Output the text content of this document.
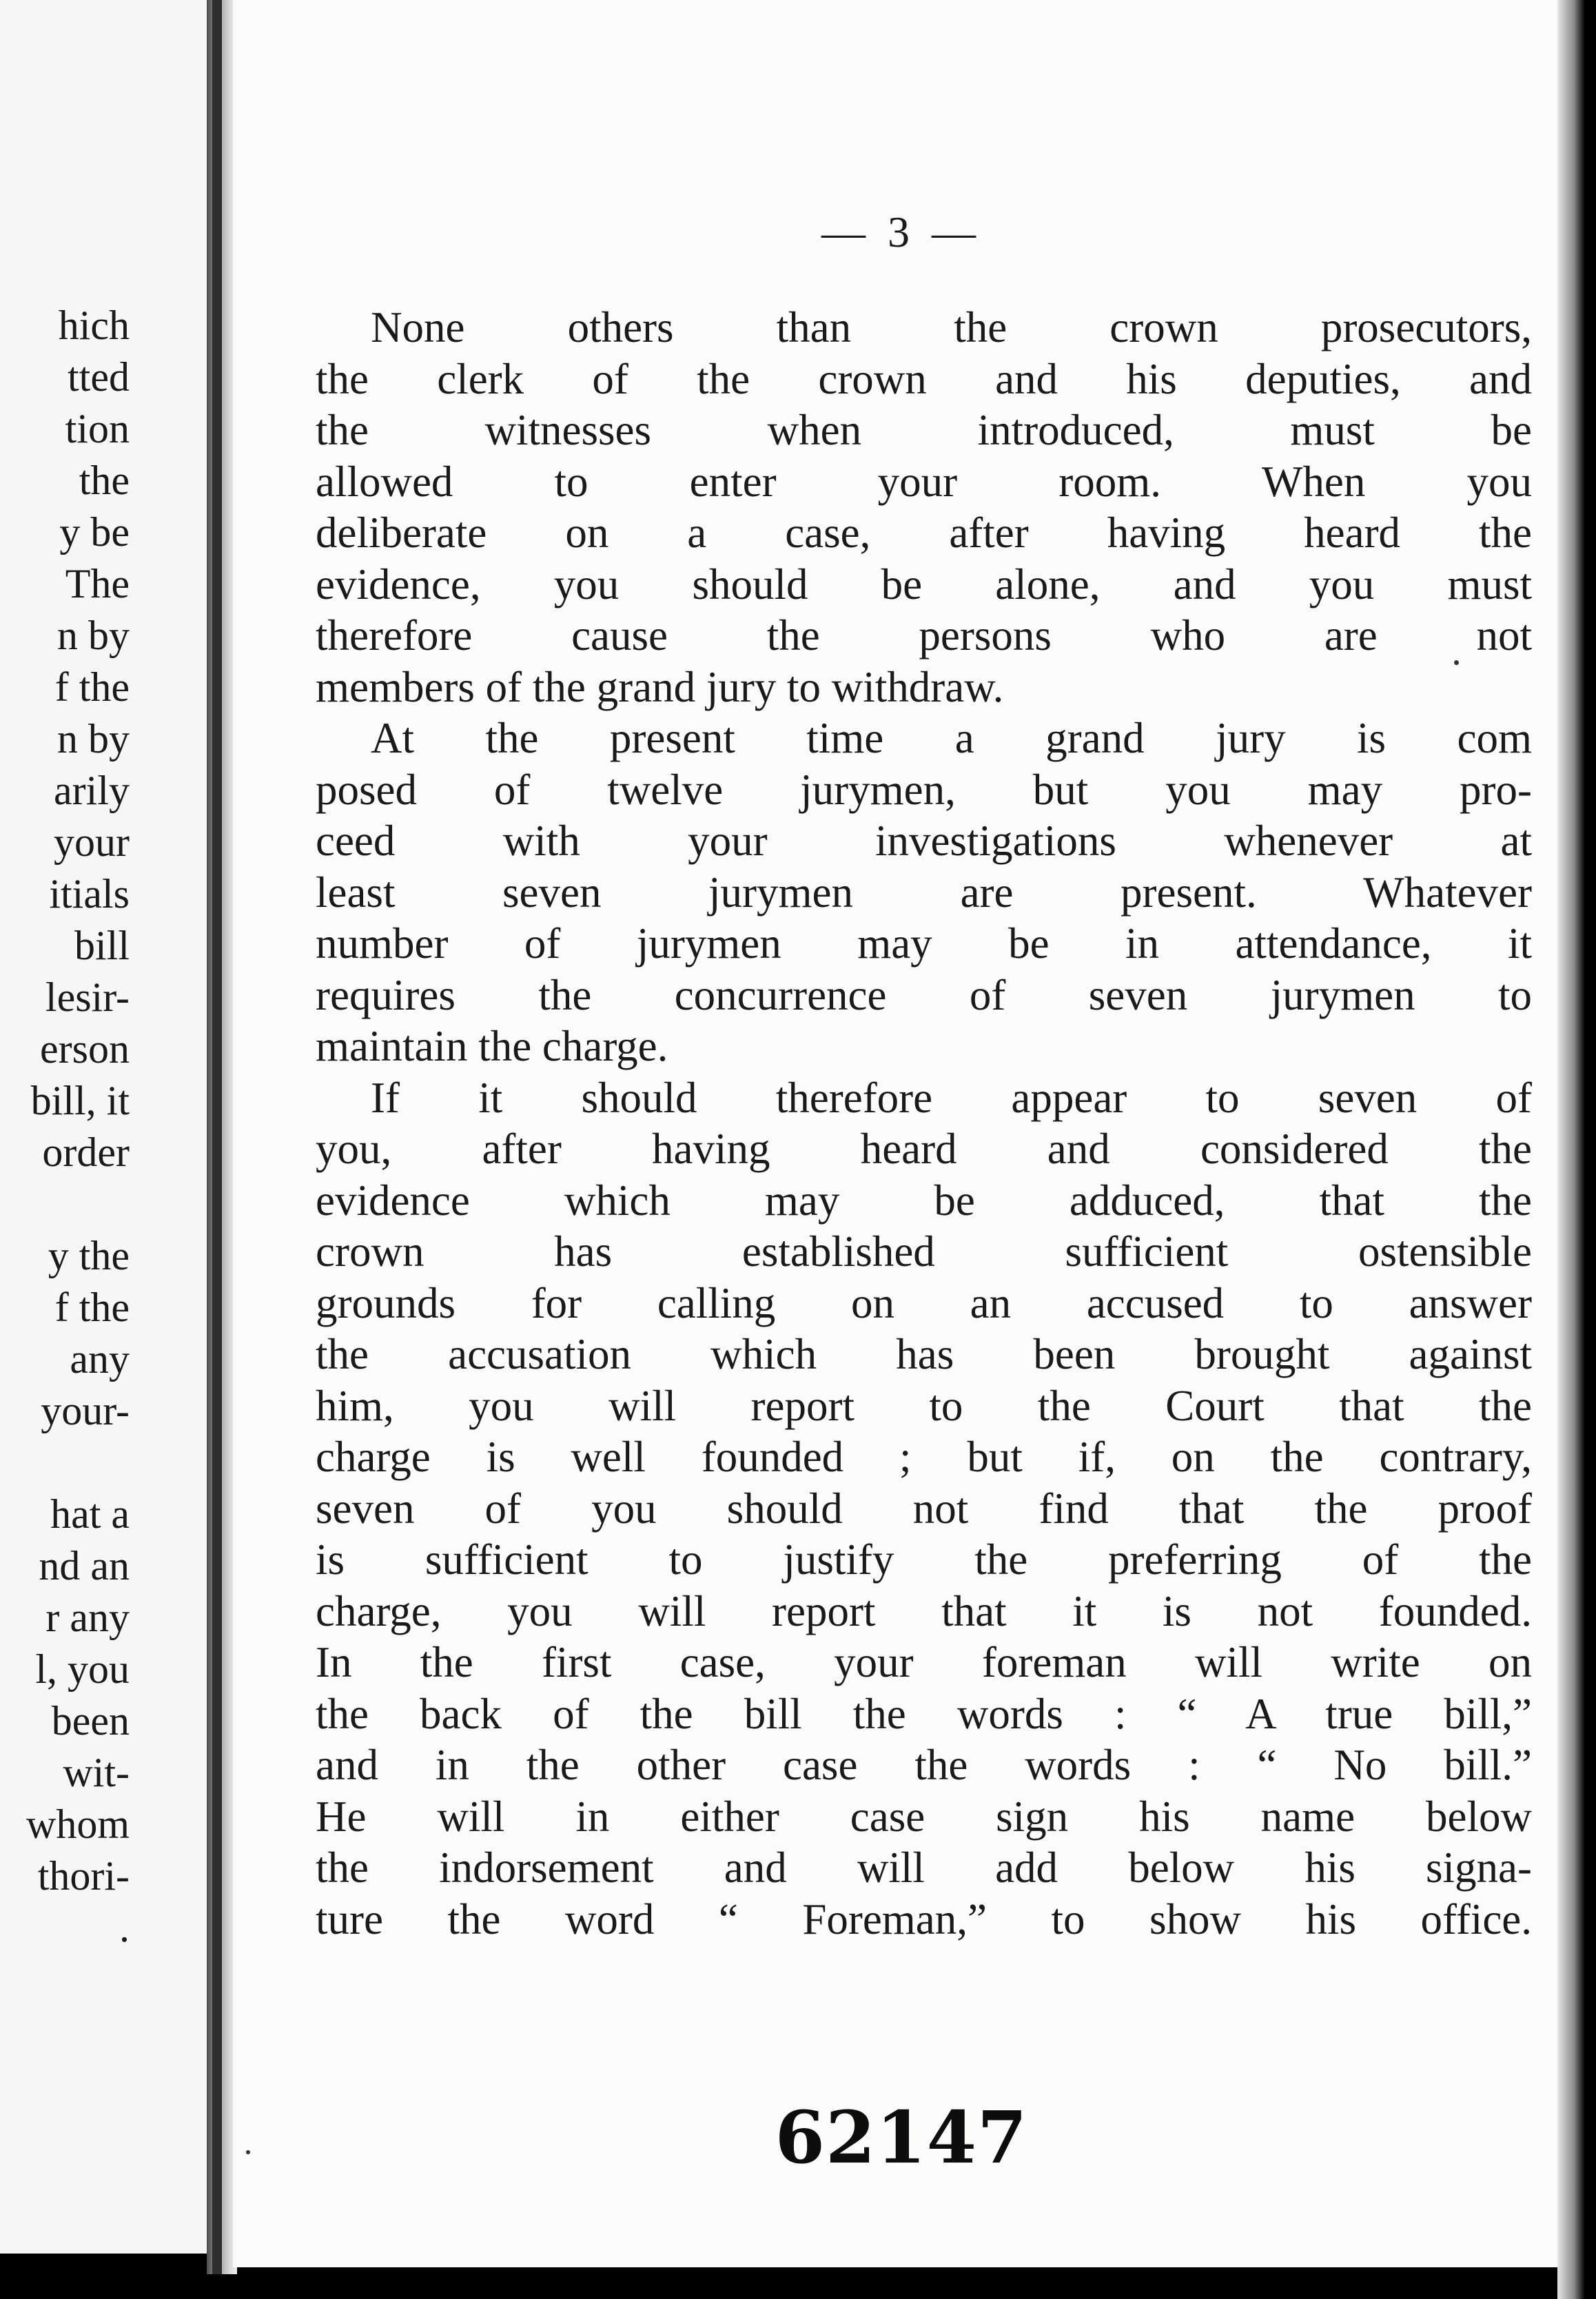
hich
tted
tion
the
y be
The
n by
f the
n by
arily
your
itials
bill
lesir-
erson
bill, it
order
y the
f the
any
your-
hat a
nd an
r any
l, you
been
wit-
whom
thori-
.
— 3 —
None others than the crown prosecutors,
the clerk of the crown and his deputies, and
the witnesses when introduced, must be
allowed to enter your room. When you
deliberate on a case, after having heard the
evidence, you should be alone, and you must
therefore cause the persons who are not
members of the grand jury to withdraw.
At the present time a grand jury is com
posed of twelve jurymen, but you may pro-
ceed with your investigations whenever at
least seven jurymen are present. Whatever
number of jurymen may be in attendance, it
requires the concurrence of seven jurymen to
maintain the charge.
If it should therefore appear to seven of
you, after having heard and considered the
evidence which may be adduced, that the
crown has established sufficient ostensible
grounds for calling on an accused to answer
the accusation which has been brought against
him, you will report to the Court that the
charge is well founded ; but if, on the contrary,
seven of you should not find that the proof
is sufficient to justify the preferring of the
charge, you will report that it is not founded.
In the first case, your foreman will write on
the back of the bill the words : “ A true bill,”
and in the other case the words : “ No bill.”
He will in either case sign his name below
the indorsement and will add below his signa-
ture the word “ Foreman,” to show his office.
62147
